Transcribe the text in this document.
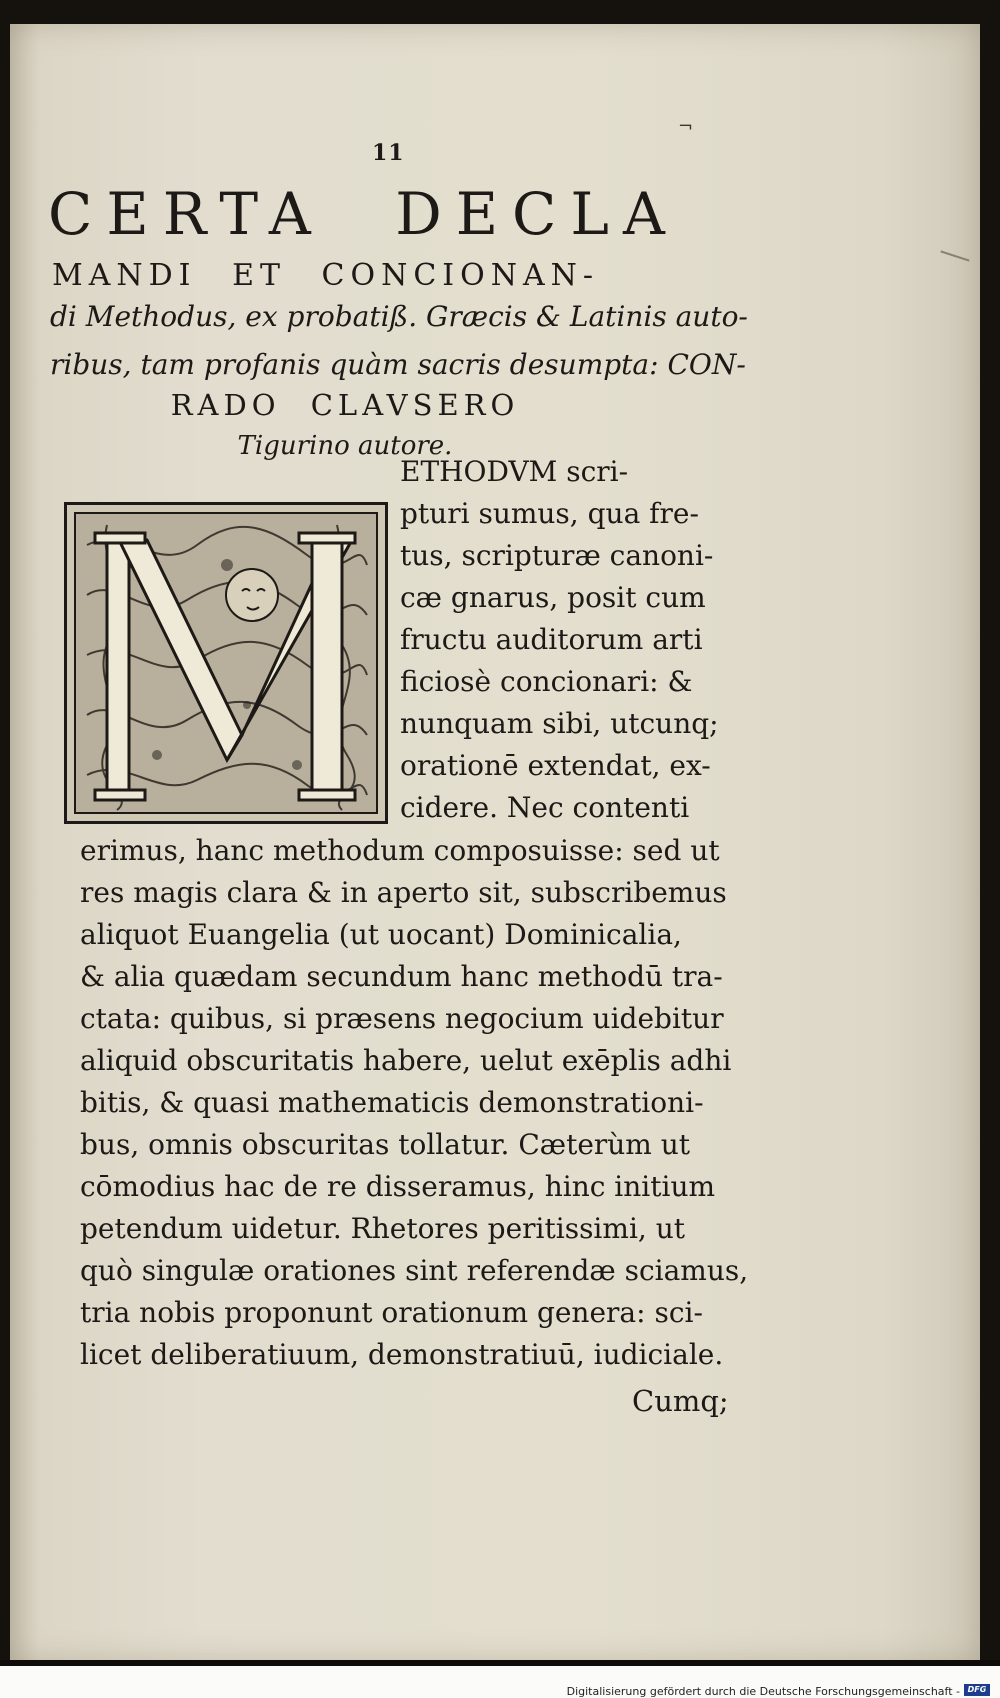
¬
11
CERTA DECLA
MANDI ET CONCIONAN-
di Methodus, ex probatiß. Græcis & Latinis auto-
ribus, tam profanis quàm sacris desumpta: CON-
RADO CLAVSERO
Tigurino autore.
ETHODVM scri-
pturi sumus, qua fre-
tus, scripturæ canoni-
cæ gnarus, posit cum
fructu auditorum arti
ficiosè concionari: &
nunquam sibi, utcunq;
orationē extendat, ex-
cidere. Nec contenti
erimus, hanc methodum composuisse: sed ut
res magis clara & in aperto sit, subscribemus
aliquot Euangelia (ut uocant) Dominicalia,
& alia quædam secundum hanc methodū tra-
ctata: quibus, si præsens negocium uidebitur
aliquid obscuritatis habere, uelut exēplis adhi
bitis, & quasi mathematicis demonstrationi-
bus, omnis obscuritas tollatur. Cæterùm ut
cōmodius hac de re disseramus, hinc initium
petendum uidetur. Rhetores peritissimi, ut
quò singulæ orationes sint referendæ sciamus,
tria nobis proponunt orationum genera: sci-
licet deliberatiuum, demonstratiuū, iudiciale.
Cumq;
Digitalisierung gefördert durch die Deutsche Forschungsgemeinschaft - DFG
